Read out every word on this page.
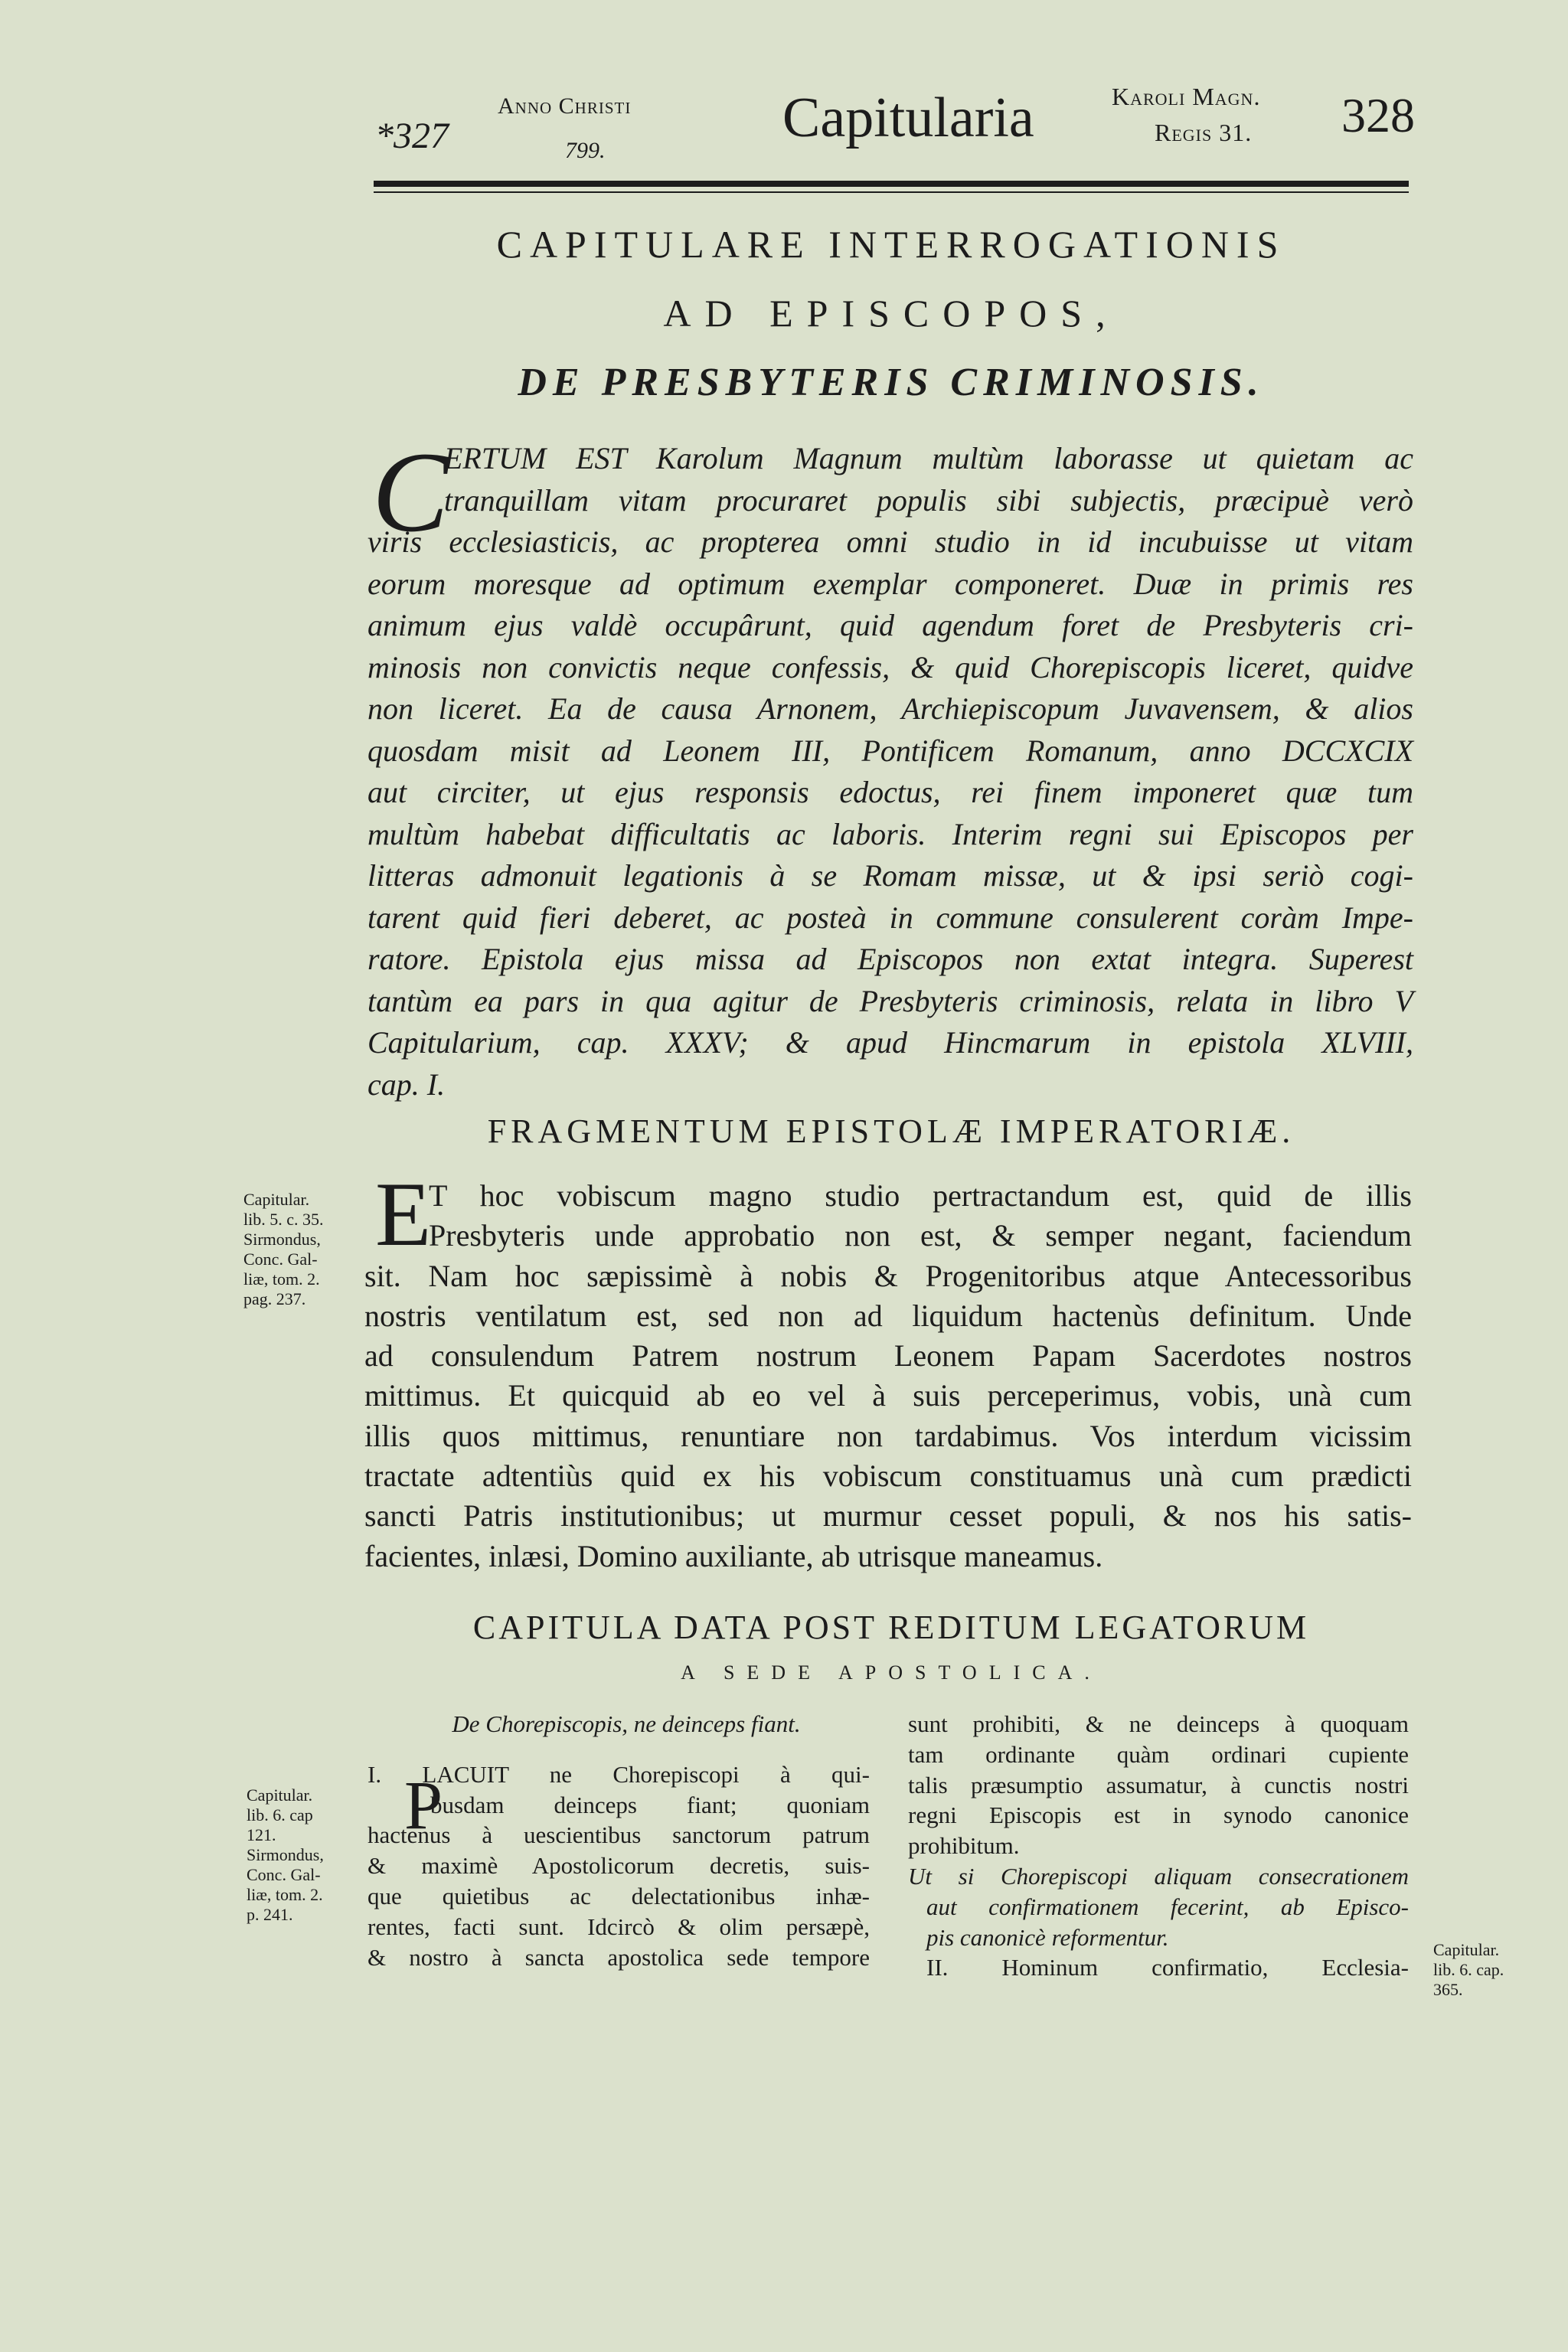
*327
Anno Christi
799.
Capitularia	Karoli Magn.
Regis 31. 328
CAPITULARE INTERROGATIONIS
AD EPISCOPOS,
DE PRESBYTERIS CRIMINOSIS.
C
ERTUM EST Karolum Magnum multùm laborasse ut quietam ac
tranquillam vitam procuraret populis sibi subjectis, præcipuè verò
viris ecclesiasticis, ac propterea omni studio in id incubuisse ut vitam
eorum moresque ad optimum exemplar componeret. Duæ in primis res
animum ejus valdè occupârunt, quid agendum foret de Presbyteris cri-
minosis non convictis neque confessis, & quid Chorepiscopis liceret, quidve
non liceret. Ea de causa Arnonem, Archiepiscopum Juvavensem, & alios
quosdam misit ad Leonem III, Pontificem Romanum, anno DCCXCIX
aut circiter, ut ejus responsis edoctus, rei finem imponeret quæ tum
multùm habebat difficultatis ac laboris. Interim regni sui Episcopos per
litteras admonuit legationis à se Romam missæ, ut & ipsi seriò cogi-
tarent quid fieri deberet, ac posteà in commune consulerent coràm Impe-
ratore. Epistola ejus missa ad Episcopos non extat integra. Superest
tantùm ea pars in qua agitur de Presbyteris criminosis, relata in libro V
Capitularium, cap. XXXV; & apud Hincmarum in epistola XLVIII,
cap. I.
FRAGMENTUM EPISTOLÆ IMPERATORIÆ.
E
T hoc vobiscum magno studio pertractandum est, quid de illis
Presbyteris unde approbatio non est, & semper negant, faciendum
sit. Nam hoc sæpissimè à nobis & Progenitoribus atque Antecessoribus
nostris ventilatum est, sed non ad liquidum hactenùs definitum. Unde
ad consulendum Patrem nostrum Leonem Papam Sacerdotes nostros
mittimus. Et quicquid ab eo vel à suis perceperimus, vobis, unà cum
illis quos mittimus, renuntiare non tardabimus. Vos interdum vicissim
tractate adtentiùs quid ex his vobiscum constituamus unà cum prædicti
sancti Patris institutionibus; ut murmur cesset populi, & nos his satis-
facientes, inlæsi, Domino auxiliante, ab utrisque maneamus.
Capitular.
lib. 5. c. 35.
Sirmondus,
Conc. Gal-
liæ, tom. 2.
pag. 237.
CAPITULA DATA POST REDITUM LEGATORUM
A SEDE APOSTOLICA.
P
De Chorepiscopis, ne deinceps fiant.
I. LACUIT ne Chorepiscopi à qui-
busdam deinceps fiant; quoniam
hactenus à uescientibus sanctorum patrum
& maximè Apostolicorum decretis, suis-
que quietibus ac delectationibus inhæ-
rentes, facti sunt. Idcircò & olim persæpè,
& nostro à sancta apostolica sede tempore
sunt prohibiti, & ne deinceps à quoquam
tam ordinante quàm ordinari cupiente
talis præsumptio assumatur, à cunctis nostri
regni Episcopis est in synodo canonice
prohibitum.
Ut si Chorepiscopi aliquam consecrationem
aut confirmationem fecerint, ab Episco-
pis canonicè reformentur.
II. Hominum confirmatio, Ecclesia-
Capitular.
lib. 6. cap
121.
Sirmondus,
Conc. Gal-
liæ, tom. 2.
p. 241.
Capitular.
lib. 6. cap.
365.
